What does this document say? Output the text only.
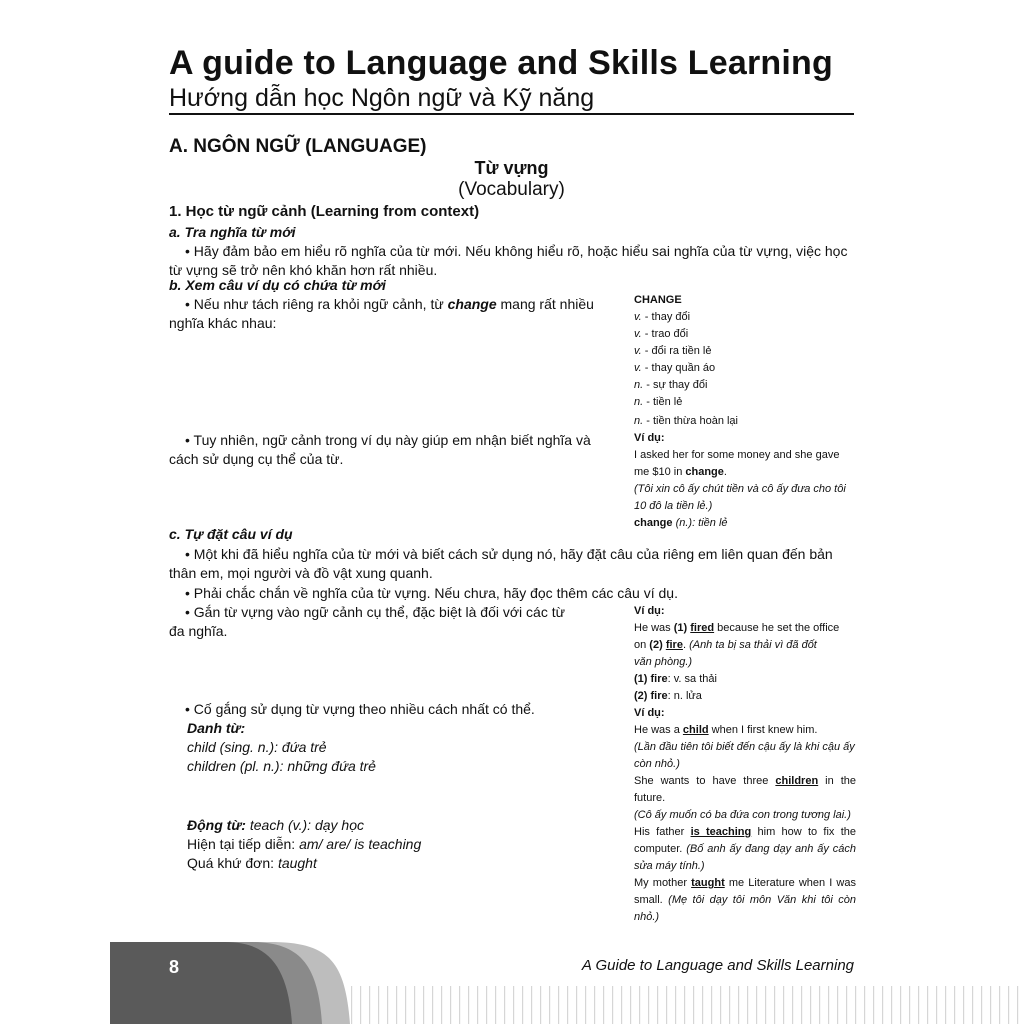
A guide to Language and Skills Learning
Hướng dẫn học Ngôn ngữ và Kỹ năng
A. NGÔN NGỮ (LANGUAGE)
Từ vựng
(Vocabulary)
1. Học từ ngữ cảnh (Learning from context)
a. Tra nghĩa từ mới
• Hãy đảm bảo em hiểu rõ nghĩa của từ mới. Nếu không hiểu rõ, hoặc hiểu sai nghĩa của từ vựng, việc học
từ vựng sẽ trở nên khó khăn hơn rất nhiều.
b. Xem câu ví dụ có chứa từ mới
• Nếu như tách riêng ra khỏi ngữ cảnh, từ change mang rất nhiều
nghĩa khác nhau:
• Tuy nhiên, ngữ cảnh trong ví dụ này giúp em nhận biết nghĩa và
cách sử dụng cụ thể của từ.
CHANGE
v. - thay đổi
v. - trao đổi
v. - đổi ra tiền lẻ
v. - thay quần áo
n. - sự thay đổi
n. - tiền lẻ
n. - tiền thừa hoàn lại
Ví dụ:
I asked her for some money and she gave
me $10 in change.
(Tôi xin cô ấy chút tiền và cô ấy đưa cho tôi
10 đô la tiền lẻ.)
change (n.): tiền lẻ
c. Tự đặt câu ví dụ
• Một khi đã hiểu nghĩa của từ mới và biết cách sử dụng nó, hãy đặt câu của riêng em liên quan đến bản
thân em, mọi người và đồ vật xung quanh.
• Phải chắc chắn về nghĩa của từ vựng. Nếu chưa, hãy đọc thêm các câu ví dụ.
• Gắn từ vựng vào ngữ cảnh cụ thể, đặc biệt là đối với các từ
đa nghĩa.
Ví dụ:
He was (1) fired because he set the office
on (2) fire. (Anh ta bị sa thải vì đã đốt
văn phòng.)
(1) fire: v. sa thải
(2) fire: n. lửa
• Cố gắng sử dụng từ vựng theo nhiều cách nhất có thể.
Danh từ:
child (sing. n.): đứa trẻ
children (pl. n.): những đứa trẻ
Động từ: teach (v.): dạy học
Hiện tại tiếp diễn: am/ are/ is teaching
Quá khứ đơn: taught
Ví dụ:
He was a child when I first knew him.
(Lần đầu tiên tôi biết đến cậu ấy là khi cậu ấy còn nhỏ.)
She wants to have three children in the future.
(Cô ấy muốn có ba đứa con trong tương lai.)
His father is teaching him how to fix the computer. (Bố anh ấy đang dạy anh ấy cách sửa máy tính.)
My mother taught me Literature when I was small. (Mẹ tôi dạy tôi môn Văn khi tôi còn nhỏ.)
8	A Guide to Language and Skills Learning
